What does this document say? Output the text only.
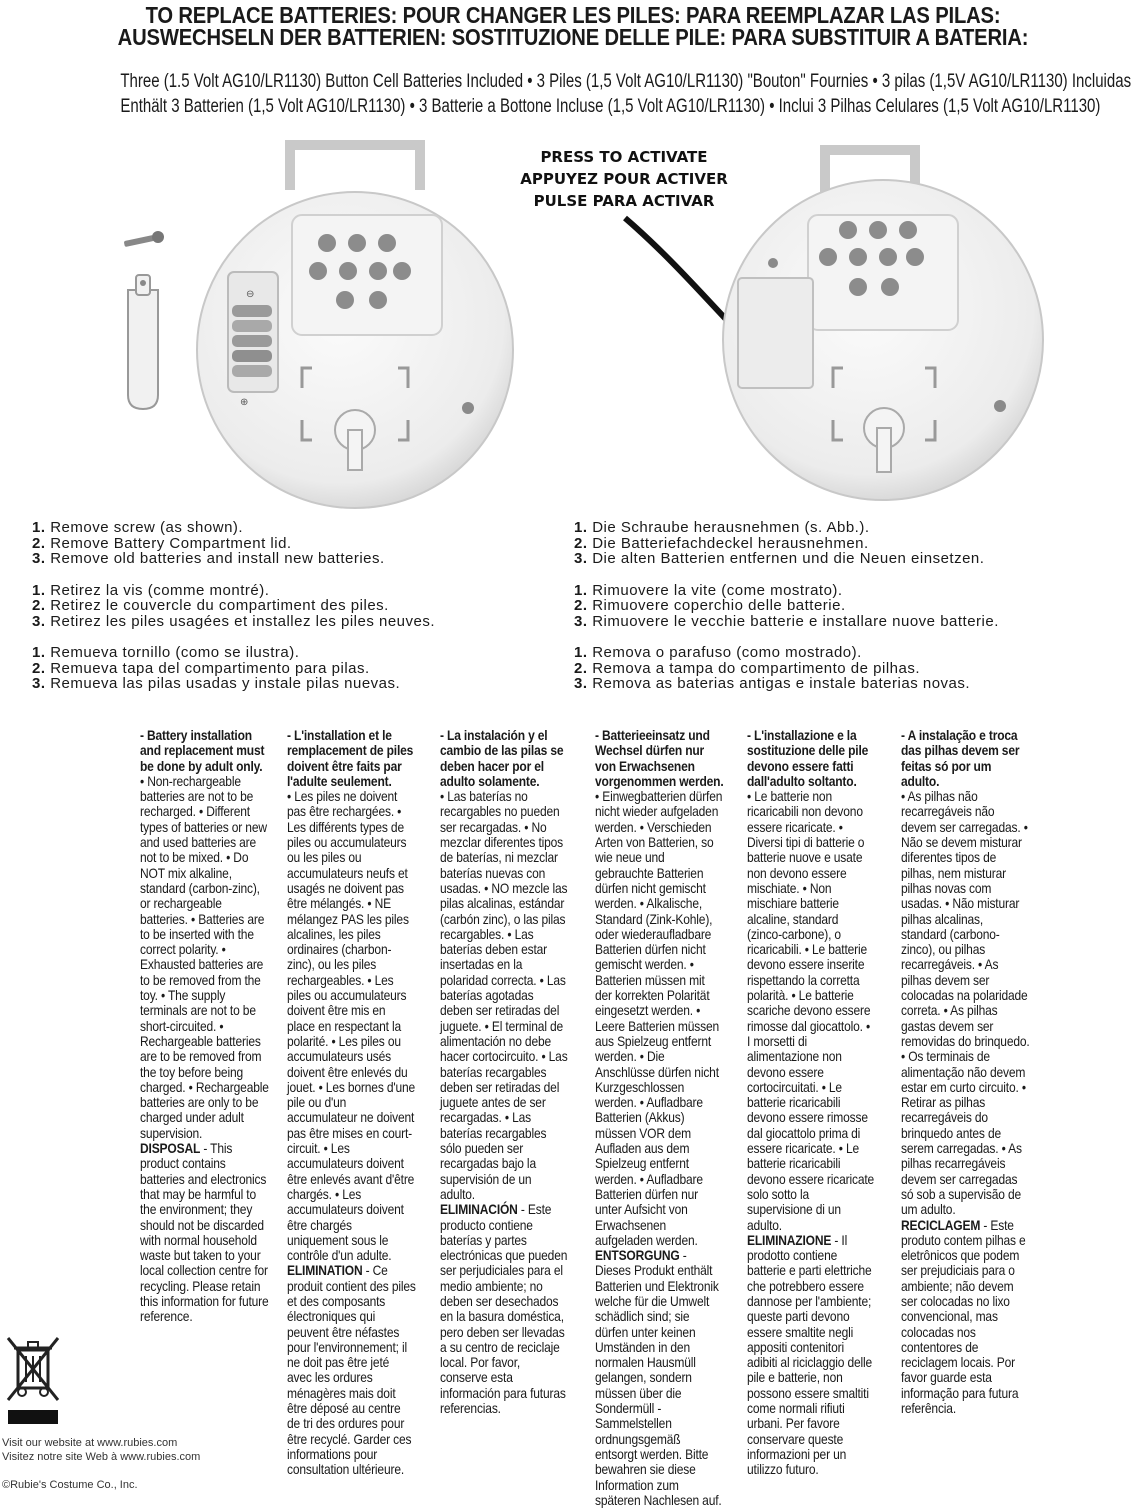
TO REPLACE BATTERIES: POUR CHANGER LES PILES: PARA REEMPLAZAR LAS PILAS:
AUSWECHSELN DER BATTERIEN: SOSTITUZIONE DELLE PILE: PARA SUBSTITUIR A BATERIA:
Three (1.5 Volt AG10/LR1130) Button Cell Batteries Included • 3 Piles (1,5 Volt AG10/LR1130) "Bouton" Fournies • 3 pilas (1,5V AG10/LR1130) Incluidas
Enthält 3 Batterien (1,5 Volt AG10/LR1130) • 3 Batterie a Bottone Incluse (1,5 Volt AG10/LR1130) • Inclui 3 Pilhas Celulares (1,5 Volt AG10/LR1130)
⊖
⊕
PRESS TO ACTIVATE
APPUYEZ POUR ACTIVER
PULSE PARA ACTIVAR
1. Remove screw (as shown).
2. Remove Battery Compartment lid.
3. Remove old batteries and install new batteries.
1. Retirez la vis (comme montré).
2. Retirez le couvercle du compartiment des piles.
3. Retirez les piles usagées et installez les piles neuves.
1. Remueva tornillo (como se ilustra).
2. Remueva tapa del compartimento para pilas.
3. Remueva las pilas usadas y instale pilas nuevas.
1. Die Schraube herausnehmen (s. Abb.).
2. Die Batteriefachdeckel herausnehmen.
3. Die alten Batterien entfernen und die Neuen einsetzen.
1. Rimuovere la vite (come mostrato).
2. Rimuovere coperchio delle batterie.
3. Rimuovere le vecchie batterie e installare nuove batterie.
1. Remova o parafuso (como mostrado).
2. Remova a tampa do compartimento de pilhas.
3. Remova as baterias antigas e instale baterias novas.

- Battery installation and replacement must be done by adult only.

• Non-rechargeable batteries are not to be recharged. • Different types of batteries or new and used batteries are not to be mixed. • Do NOT mix alkaline, standard (carbon-zinc), or rechargeable batteries. • Batteries are to be inserted with the correct polarity. • Exhausted batteries are to be removed from the toy. • The supply terminals are not to be short-circuited. • Rechargeable batteries are to be removed from the toy before being charged. • Rechargeable batteries are only to be charged under adult supervision.

DISPOSAL - This product contains batteries and electronics that may be harmful to the environment; they should not be discarded with normal household waste but taken to your local collection centre for recycling. Please retain this information for future reference.

- L'installation et le remplacement de piles doivent être faits par l'adulte seulement.

• Les piles ne doivent pas être rechargées. • Les différents types de piles ou accumulateurs ou les piles ou accumulateurs neufs et usagés ne doivent pas être mélangés. • NE mélangez PAS les piles alcalines, les piles ordinaires (charbon-zinc), ou les piles rechargeables. • Les piles ou accumulateurs doivent être mis en place en respectant la polarité. • Les piles ou accumulateurs usés doivent être enlevés du jouet. • Les bornes d'une pile ou d'un accumulateur ne doivent pas être mises en court-circuit. • Les accumulateurs doivent être enlevés avant d'être chargés. • Les accumulateurs doivent être chargés uniquement sous le contrôle d'un adulte.

ELIMINATION - Ce produit contient des piles et des composants électroniques qui peuvent être néfastes pour l'environnement; il ne doit pas être jeté avec les ordures ménagères mais doit être déposé au centre de tri des ordures pour être recyclé. Garder ces informations pour consultation ultérieure.

- La instalación y el cambio de las pilas se deben hacer por el adulto solamente.

• Las baterías no recargables no pueden ser recargadas. • No mezclar diferentes tipos de baterías, ni mezclar baterías nuevas con usadas. • NO mezcle las pilas alcalinas, estándar (carbón zinc), o las pilas recargables. • Las baterías deben estar insertadas en la polaridad correcta. • Las baterías agotadas deben ser retiradas del juguete. • El terminal de alimentación no debe hacer cortocircuito. • Las baterías recargables deben ser retiradas del juguete antes de ser recargadas. • Las baterías recargables sólo pueden ser recargadas bajo la supervisión de un adulto.

ELIMINACIÓN - Este producto contiene baterías y partes electrónicas que pueden ser perjudiciales para el medio ambiente; no deben ser desechados en la basura doméstica, pero deben ser llevadas a su centro de reciclaje local. Por favor, conserve esta información para futuras referencias.

- Batterieeinsatz und Wechsel dürfen nur von Erwachsenen vorgenommen werden.

• Einwegbatterien dürfen nicht wieder aufgeladen werden. • Verschieden Arten von Batterien, so wie neue und gebrauchte Batterien dürfen nicht gemischt werden. • Alkalische, Standard (Zink-Kohle), oder wiederaufladbare Batterien dürfen nicht gemischt werden. • Batterien müssen mit der korrekten Polarität eingesetzt werden. • Leere Batterien müssen aus Spielzeug entfernt werden. • Die Anschlüsse dürfen nicht Kurzgeschlossen werden. • Aufladbare Batterien (Akkus) müssen VOR dem Aufladen aus dem Spielzeug entfernt werden. • Aufladbare Batterien dürfen nur unter Aufsicht von Erwachsenen aufgeladen werden.

ENTSORGUNG - Dieses Produkt enthält Batterien und Elektronik welche für die Umwelt schädlich sind; sie dürfen unter keinen Umständen in den normalen Hausmüll gelangen, sondern müssen über die Sondermüll - Sammelstellen ordnungsgemäß entsorgt werden. Bitte bewahren sie diese Information zum späteren Nachlesen auf.

- L'installazione e la sostituzione delle pile devono essere fatti dall'adulto soltanto.

• Le batterie non ricaricabili non devono essere ricaricate. • Diversi tipi di batterie o batterie nuove e usate non devono essere mischiate. • Non mischiare batterie alcaline, standard (zinco-carbone), o ricaricabili. • Le batterie devono essere inserite rispettando la corretta polarità. • Le batterie scariche devono essere rimosse dal giocattolo. • I morsetti di alimentazione non devono essere cortocircuitati. • Le batterie ricaricabili devono essere rimosse dal giocattolo prima di essere ricaricate. • Le batterie ricaricabili devono essere ricaricate solo sotto la supervisione di un adulto.

ELIMINAZIONE - Il prodotto contiene batterie e parti elettriche che potrebbero essere dannose per l'ambiente; queste parti devono essere smaltite negli appositi contenitori adibiti al riciclaggio delle pile e batterie, non possono essere smaltiti come normali rifiuti urbani. Per favore conservare queste informazioni per un utilizzo futuro.

- A instalação e troca das pilhas devem ser feitas só por um adulto.

• As pilhas não recarregáveis não devem ser carregadas. • Não se devem misturar diferentes tipos de pilhas, nem misturar pilhas novas com usadas. • Não misturar pilhas alcalinas, standard (carbono-zinco), ou pilhas recarregáveis. • As pilhas devem ser colocadas na polaridade correta. • As pilhas gastas devem ser removidas do brinquedo. • Os terminais de alimentação não devem estar em curto circuito. • Retirar as pilhas recarregáveis do brinquedo antes de serem carregadas. • As pilhas recarregáveis devem ser carregadas só sob a supervisão de um adulto.

RECICLAGEM - Este produto contem pilhas e eletrônicos que podem ser prejudiciais para o ambiente; não devem ser colocadas no lixo convencional, mas colocadas nos contentores de reciclagem locais. Por favor guarde esta informação para futura referência.

Visit our website at www.rubies.com
Visitez notre site Web à www.rubies.com
©Rubie's Costume Co., Inc.
